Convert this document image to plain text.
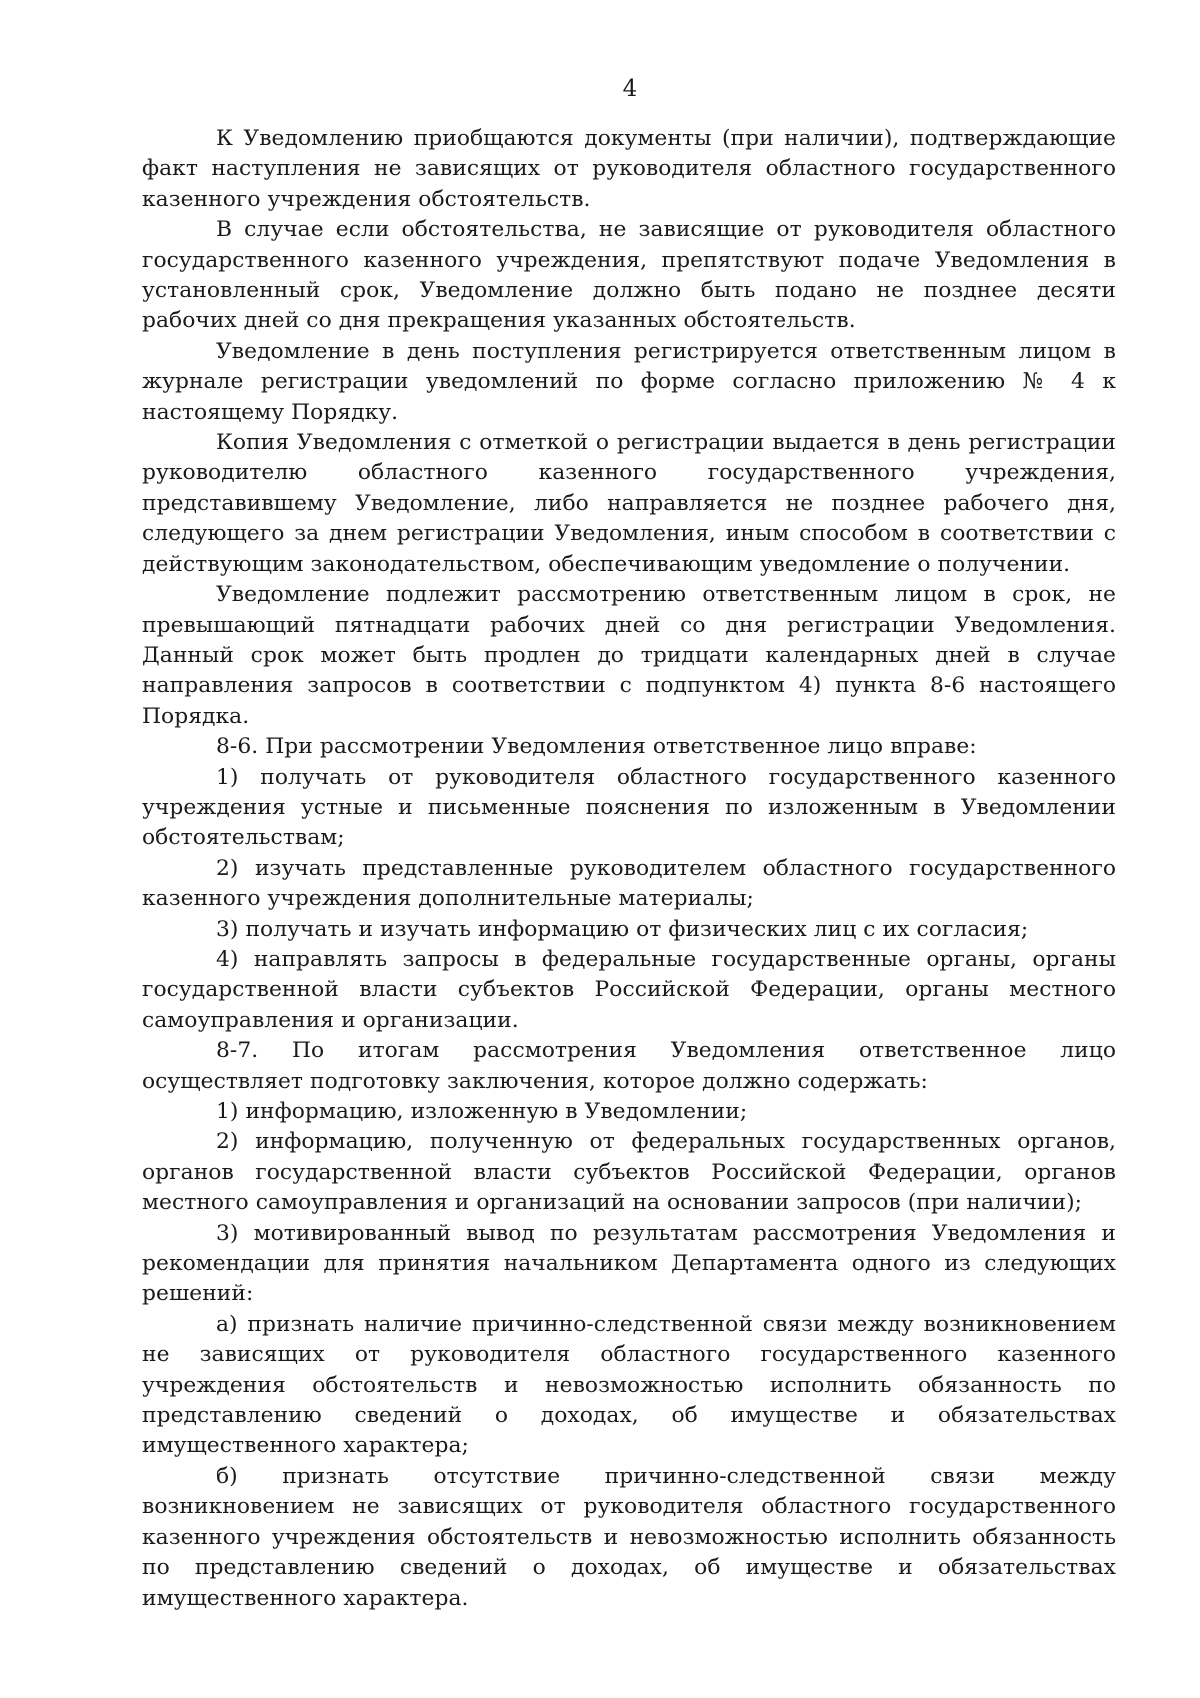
4

К Уведомлению приобщаются документы (при наличии), подтверждающие факт наступления не зависящих от руководителя областного государственного казенного учреждения обстоятельств.

В случае если обстоятельства, не зависящие от руководителя областного государственного казенного учреждения, препятствуют подаче Уведомления в установленный срок, Уведомление должно быть подано не позднее десяти рабочих дней со дня прекращения указанных обстоятельств.

Уведомление в день поступления регистрируется ответственным лицом в журнале регистрации уведомлений по форме согласно приложению № 4 к настоящему Порядку.

Копия Уведомления с отметкой о регистрации выдается в день регистрации руководителю областного казенного государственного учреждения, представившему Уведомление, либо направляется не позднее рабочего дня, следующего за днем регистрации Уведомления, иным способом в соответствии с действующим законодательством, обеспечивающим уведомление о получении.

Уведомление подлежит рассмотрению ответственным лицом в срок, не превышающий пятнадцати рабочих дней со дня регистрации Уведомления. Данный срок может быть продлен до тридцати календарных дней в случае направления запросов в соответствии с подпунктом 4) пункта 8-6 настоящего Порядка.

8-6. При рассмотрении Уведомления ответственное лицо вправе:

1) получать от руководителя областного государственного казенного учреждения устные и письменные пояснения по изложенным в Уведомлении обстоятельствам;

2) изучать представленные руководителем областного государственного казенного учреждения дополнительные материалы;

3) получать и изучать информацию от физических лиц с их согласия;

4) направлять запросы в федеральные государственные органы, органы государственной власти субъектов Российской Федерации, органы местного самоуправления и организации.

8-7. По итогам рассмотрения Уведомления ответственное лицо осуществляет подготовку заключения, которое должно содержать:

1) информацию, изложенную в Уведомлении;

2) информацию, полученную от федеральных государственных органов, органов государственной власти субъектов Российской Федерации, органов местного самоуправления и организаций на основании запросов (при наличии);

3) мотивированный вывод по результатам рассмотрения Уведомления и рекомендации для принятия начальником Департамента одного из следующих решений:

а) признать наличие причинно-следственной связи между возникновением не зависящих от руководителя областного государственного казенного учреждения обстоятельств и невозможностью исполнить обязанность по представлению сведений о доходах, об имуществе и обязательствах имущественного характера;

б) признать отсутствие причинно-следственной связи между возникновением не зависящих от руководителя областного государственного казенного учреждения обстоятельств и невозможностью исполнить обязанность по представлению сведений о доходах, об имуществе и обязательствах имущественного характера.
